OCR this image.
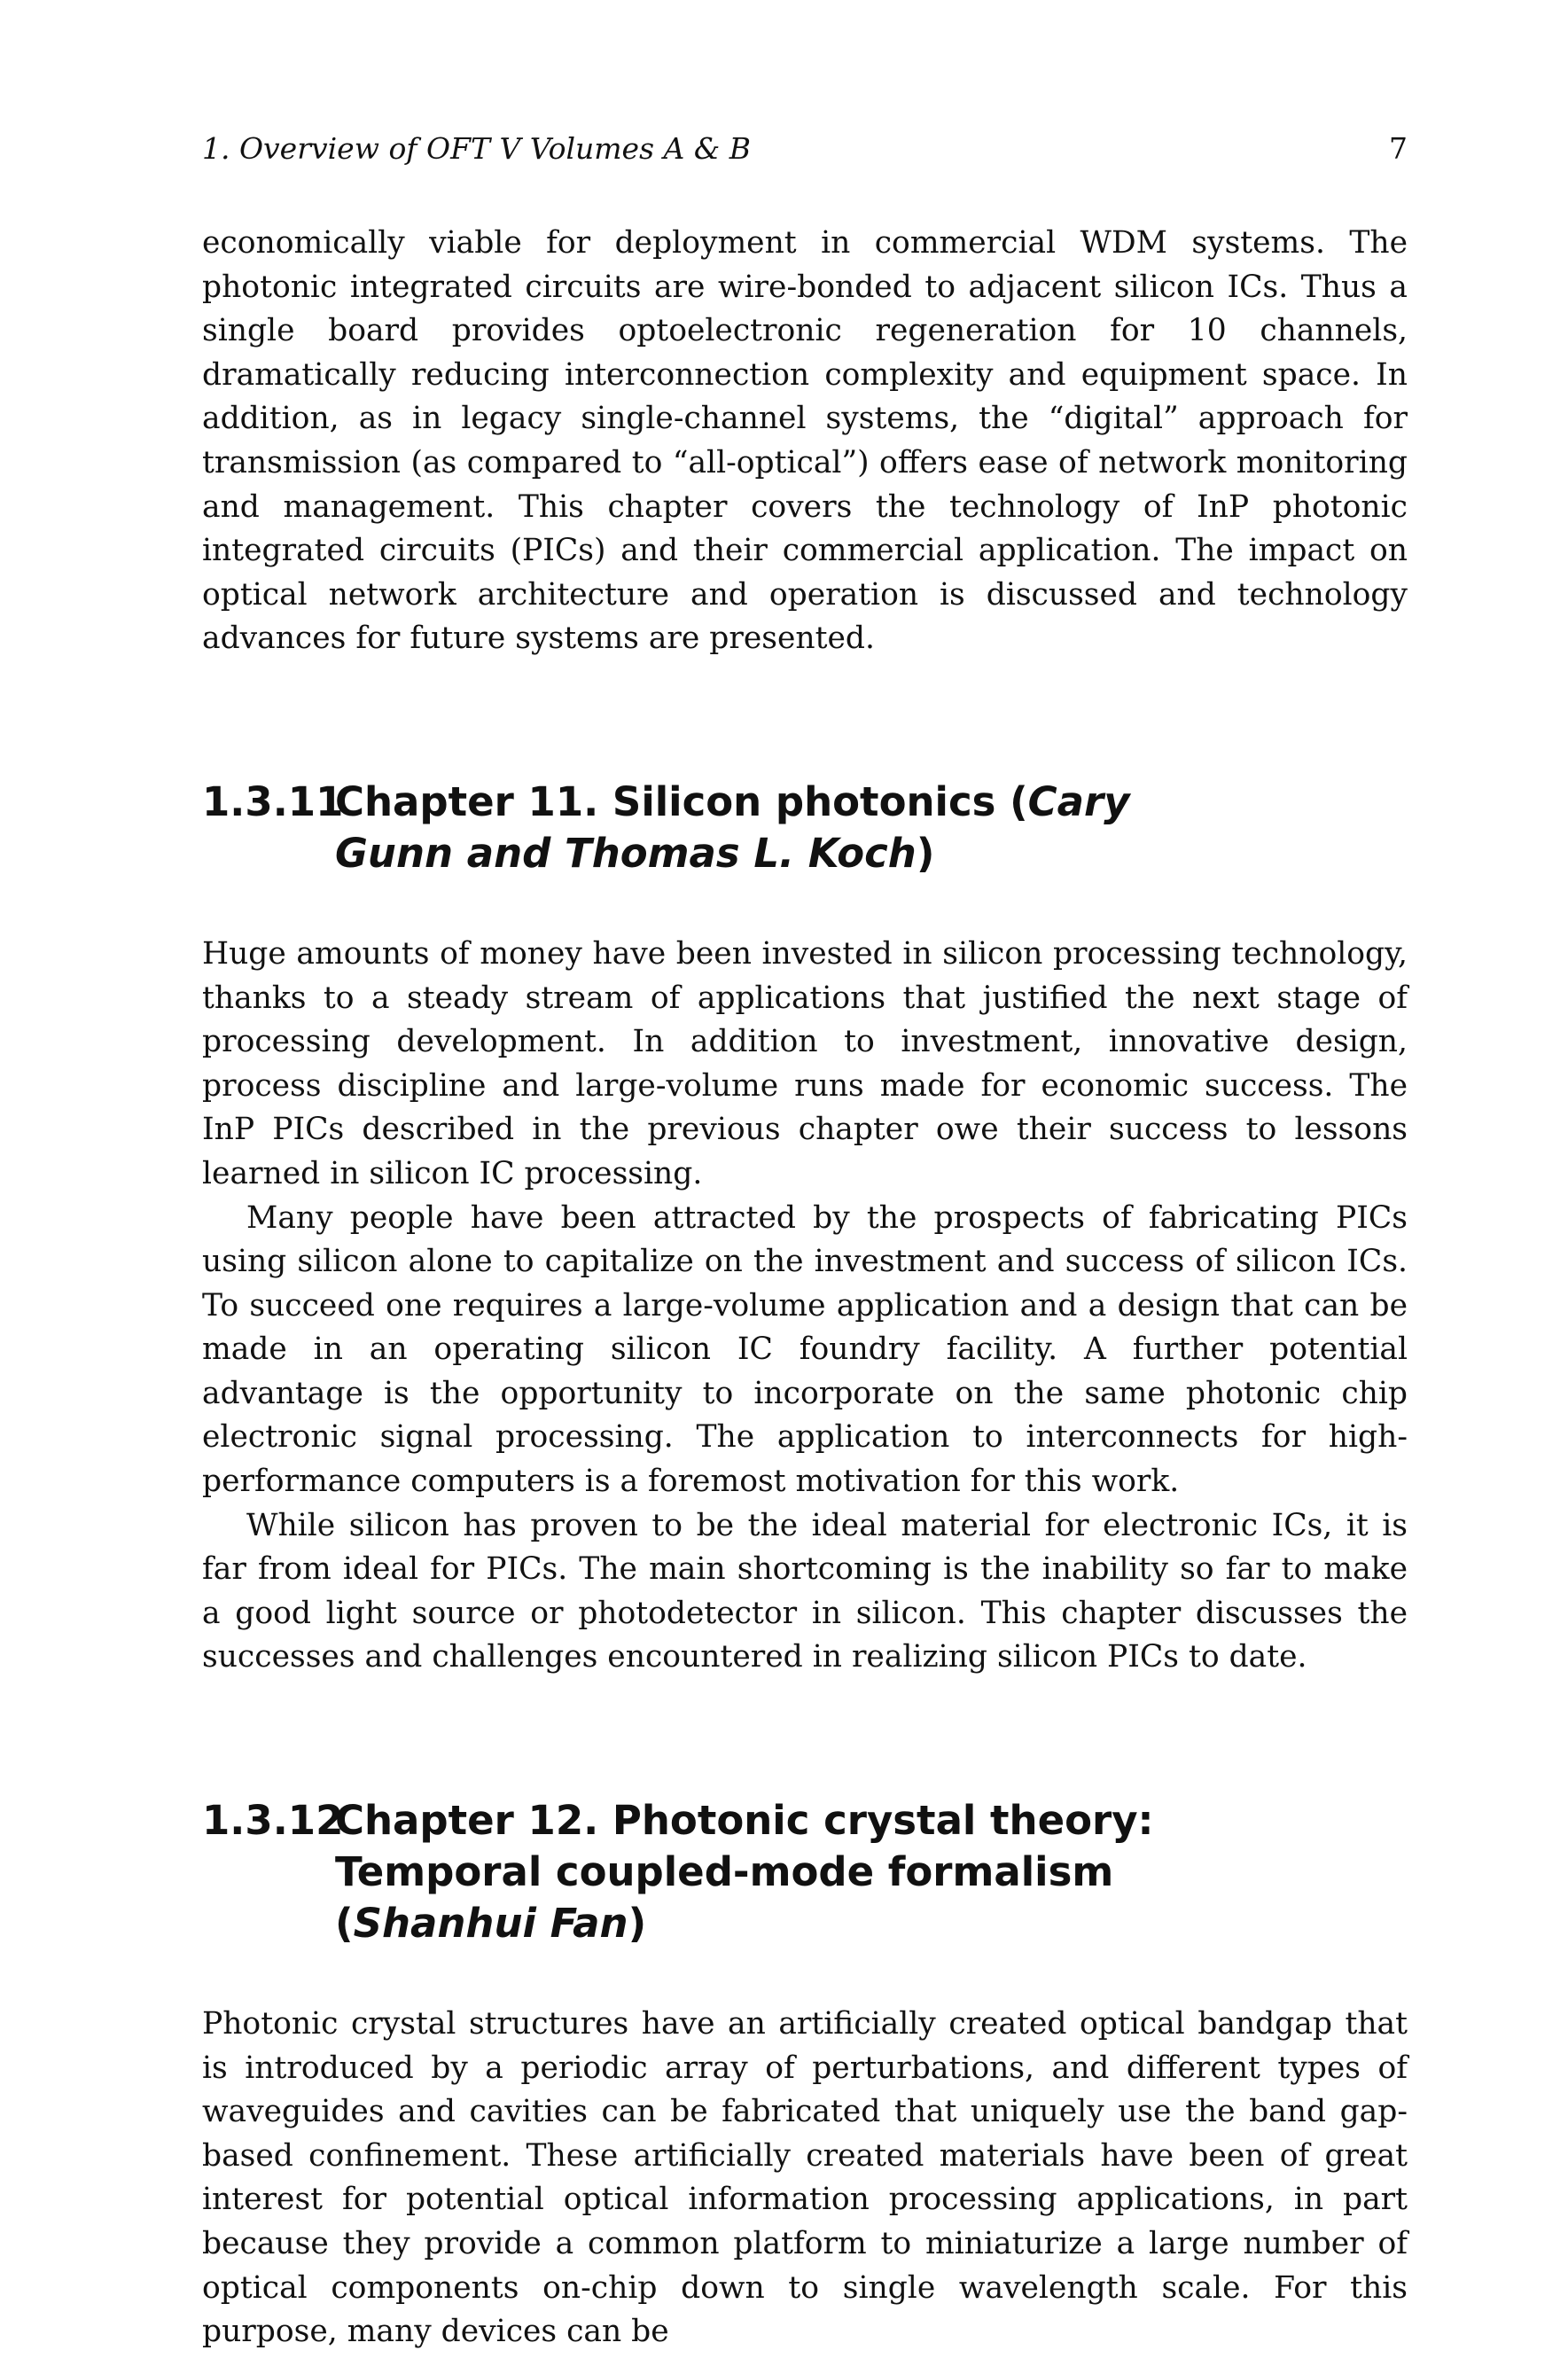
1. Overview of OFT V Volumes A & B	7

economically viable for deployment in commercial WDM systems. The photonic integrated circuits are wire-bonded to adjacent silicon ICs. Thus a single board provides optoelectronic regeneration for 10 channels, dramatically reducing interconnection complexity and equipment space. In addition, as in legacy single-channel systems, the “digital” approach for transmission (as compared to “all-optical”) offers ease of network monitoring and management. This chapter covers the technology of InP photonic integrated circuits (PICs) and their commercial application. The impact on optical network architecture and operation is discussed and technology advances for future systems are presented.

1.3.11
Chapter 11. Silicon photonics (Cary Gunn and Thomas L. Koch)

Huge amounts of money have been invested in silicon processing technology, thanks to a steady stream of applications that justified the next stage of processing development. In addition to investment, innovative design, process discipline and large-volume runs made for economic success. The InP PICs described in the previous chapter owe their success to lessons learned in silicon IC processing.

Many people have been attracted by the prospects of fabricating PICs using silicon alone to capitalize on the investment and success of silicon ICs. To succeed one requires a large-volume application and a design that can be made in an operating silicon IC foundry facility. A further potential advantage is the opportunity to incorporate on the same photonic chip electronic signal processing. The application to interconnects for high-performance computers is a foremost motivation for this work.

While silicon has proven to be the ideal material for electronic ICs, it is far from ideal for PICs. The main shortcoming is the inability so far to make a good light source or photodetector in silicon. This chapter discusses the successes and challenges encountered in realizing silicon PICs to date.

1.3.12
Chapter 12. Photonic crystal theory: Temporal coupled-mode formalism (Shanhui Fan)

Photonic crystal structures have an artificially created optical bandgap that is introduced by a periodic array of perturbations, and different types of waveguides and cavities can be fabricated that uniquely use the band gap-based confinement. These artificially created materials have been of great interest for potential optical information processing applications, in part because they provide a common platform to miniaturize a large number of optical components on-chip down to single wavelength scale. For this purpose, many devices can be
